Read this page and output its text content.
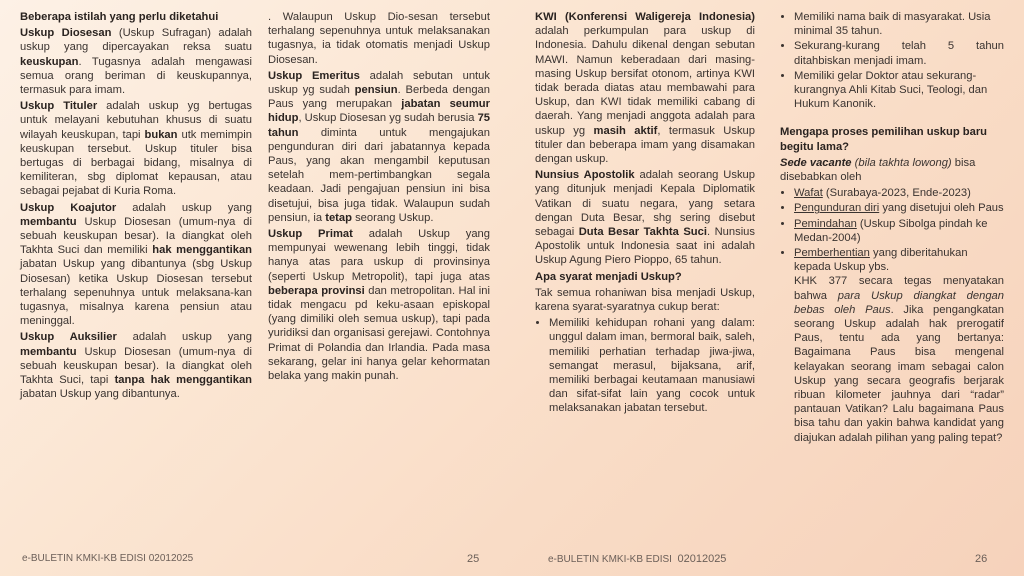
Beberapa istilah yang perlu diketahui

Uskup Diosesan (Uskup Sufragan) adalah uskup yang dipercayakan reksa suatu keuskupan. Tugasnya adalah mengawasi semua orang beriman di keuskupannya, termasuk para imam.

Uskup Tituler adalah uskup yg bertugas untuk melayani kebutuhan khusus di suatu wilayah keuskupan, tapi bukan utk memimpin keuskupan tersebut. Uskup tituler bisa bertugas di berbagai bidang, misalnya di kemiliteran, sbg diplomat kepausan, atau sebagai pejabat di Kuria Roma.

Uskup Koajutor adalah uskup yang membantu Uskup Diosesan (umum-nya di sebuah keuskupan besar). Ia diangkat oleh Takhta Suci dan memiliki hak menggantikan jabatan Uskup yang dibantunya (sbg Uskup Diosesan) ketika Uskup Diosesan tersebut terhalang sepenuhnya untuk melaksana-kan tugasnya, misalnya karena pensiun atau meninggal.

Uskup Auksilier adalah uskup yang membantu Uskup Diosesan (umum-nya di sebuah keuskupan besar). Ia diangkat oleh Takhta Suci, tapi tanpa hak menggantikan jabatan Uskup yang dibantunya.

. Walaupun Uskup Dio-sesan tersebut terhalang sepenuhnya untuk melaksanakan tugasnya, ia tidak otomatis menjadi Uskup Diosesan.

Uskup Emeritus adalah sebutan untuk uskup yg sudah pensiun. Berbeda dengan Paus yang merupakan jabatan seumur hidup, Uskup Diosesan yg sudah berusia 75 tahun diminta untuk mengajukan pengunduran diri dari jabatannya kepada Paus, yang akan mengambil keputusan setelah mem-pertimbangkan segala keadaan. Jadi pengajuan pensiun ini bisa disetujui, bisa juga tidak. Walaupun sudah pensiun, ia tetap seorang Uskup.

Uskup Primat adalah Uskup yang mempunyai wewenang lebih tinggi, tidak hanya atas para uskup di provinsinya (seperti Uskup Metropolit), tapi juga atas beberapa provinsi dan metropolitan. Hal ini tidak mengacu pd keku-asaan episkopal (yang dimiliki oleh semua uskup), tapi pada yuridiksi dan organisasi gerejawi. Contohnya Primat di Polandia dan Irlandia. Pada masa sekarang, gelar ini hanya gelar kehormatan belaka yang makin punah.

KWI (Konferensi Waligereja Indonesia) adalah perkumpulan para uskup di Indonesia. Dahulu dikenal dengan sebutan MAWI. Namun keberadaan dari masing-masing Uskup bersifat otonom, artinya KWI tidak berada diatas atau membawahi para Uskup, dan KWI tidak memiliki cabang di daerah. Yang menjadi anggota adalah para uskup yg masih aktif, termasuk Uskup tituler dan beberapa imam yang disamakan dengan uskup.

Nunsius Apostolik adalah seorang Uskup yang ditunjuk menjadi Kepala Diplomatik Vatikan di suatu negara, yang setara dengan Duta Besar, shg sering disebut sebagai Duta Besar Takhta Suci. Nunsius Apostolik untuk Indonesia saat ini adalah Uskup Agung Piero Pioppo, 65 tahun.

Apa syarat menjadi Uskup?

Tak semua rohaniwan bisa menjadi Uskup, karena syarat-syaratnya cukup berat:

• Memiliki kehidupan rohani yang dalam: unggul dalam iman, bermoral baik, saleh, memiliki perhatian terhadap jiwa-jiwa, semangat merasul, bijaksana, arif, memiliki berbagai keutamaan manusiawi dan sifat-sifat lain yang cocok untuk melaksanakan jabatan tersebut.
• Memiliki nama baik di masyarakat. Usia minimal 35 tahun.
• Sekurang-kurang telah 5 tahun ditahbiskan menjadi imam.
• Memiliki gelar Doktor atau sekurang-kurangnya Ahli Kitab Suci, Teologi, dan Hukum Kanonik.

Mengapa proses pemilihan uskup baru begitu lama?

Sede vacante (bila takhta lowong) bisa disebabkan oleh

• Wafat (Surabaya-2023, Ende-2023)
• Pengunduran diri yang disetujui oleh Paus
• Pemindahan (Uskup Sibolga pindah ke Medan-2004)
• Pemberhentian yang diberitahukan kepada Uskup ybs.

KHK 377 secara tegas menyatakan bahwa para Uskup diangkat dengan bebas oleh Paus. Jika pengangkatan seorang Uskup adalah hak prerogatif Paus, tentu ada yang bertanya: Bagaimana Paus bisa mengenal kelayakan seorang imam sebagai calon Uskup yang secara geografis berjarak ribuan kilometer jauhnya dari “radar” pantauan Vatikan? Lalu bagaimana Paus bisa tahu dan yakin bahwa kandidat yang diajukan adalah pilihan yang paling tepat?

e-BULETIN KMKI-KB EDISI 02012025	25	e-BULETIN KMKI-KB EDISI 02012025	26
